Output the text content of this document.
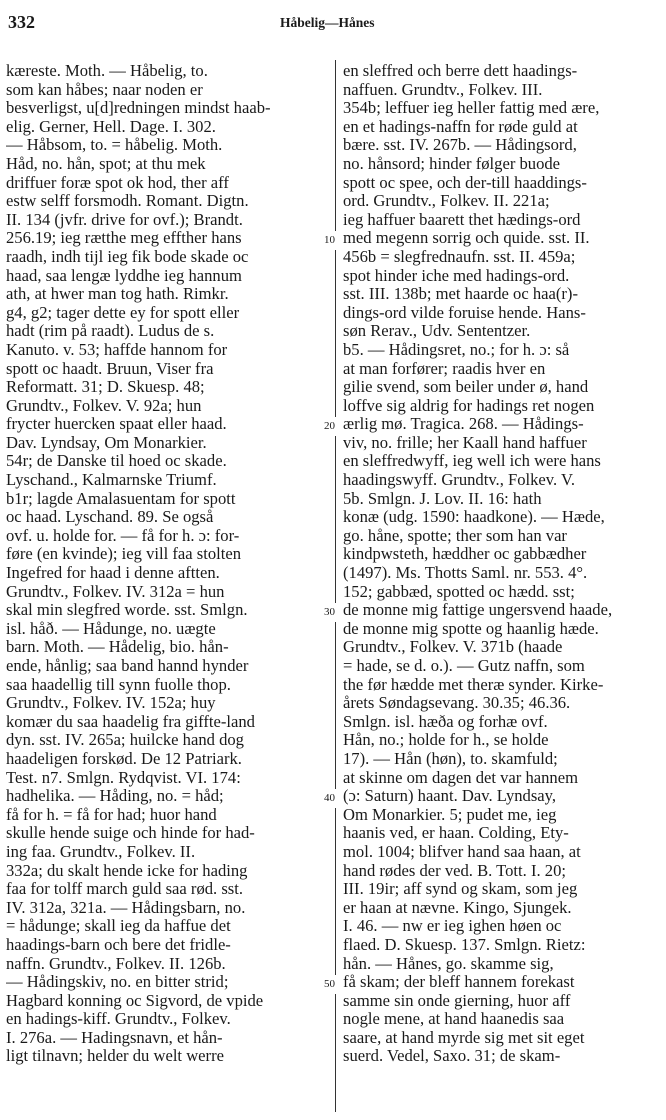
332	Håbelig—Hånes
kæreste. Moth. — Håbelig, to.
som kan håbes; naar noden er
besverligst, u[d]redningen mindst haab-
elig. Gerner, Hell. Dage. I. 302.
— Håbsom, to. = håbelig. Moth.
Håd, no. hån, spot; at thu mek
driffuer foræ spot ok hod, ther aff
estw selff forsmodh. Romant. Digtn.
II. 134 (jvfr. drive for ovf.); Brandt.
256.19; ieg rætthe meg effther hans
raadh, indh tijl ieg fik bode skade oc
haad, saa lengæ lyddhe ieg hannum
ath, at hwer man tog hath. Rimkr.
g4, g2; tager dette ey for spott eller
hadt (rim på raadt). Ludus de s.
Kanuto. v. 53; haffde hannom for
spott oc haadt. Bruun, Viser fra
Reformatt. 31; D. Skuesp. 48;
Grundtv., Folkev. V. 92a; hun
frycter huercken spaat eller haad.
Dav. Lyndsay, Om Monarkier.
54r; de Danske til hoed oc skade.
Lyschand., Kalmarnske Triumf.
b1r; lagde Amalasuentam for spott
oc haad. Lyschand. 89. Se også
ovf. u. holde for. — få for h. ɔ: for-
føre (en kvinde); ieg vill faa stolten
Ingefred for haad i denne aftten.
Grundtv., Folkev. IV. 312a = hun
skal min slegfred worde. sst. Smlgn.
isl. håð. — Hådunge, no. uægte
barn. Moth. — Hådelig, bio. hån-
ende, hånlig; saa band hannd hynder
saa haadellig till synn fuolle thop.
Grundtv., Folkev. IV. 152a; huy
komær du saa haadelig fra giffte-land
dyn. sst. IV. 265a; huilcke hand dog
haadeligen forskød. De 12 Patriark.
Test. n7. Smlgn. Rydqvist. VI. 174:
hadhelika. — Håding, no. = håd;
få for h. = få for had; huor hand
skulle hende suige och hinde for had-
ing faa. Grundtv., Folkev. II.
332a; du skalt hende icke for hading
faa for tolff march guld saa rød. sst.
IV. 312a, 321a. — Hådingsbarn, no.
= hådunge; skall ieg da haffue det
haadings-barn och bere det fridle-
naffn. Grundtv., Folkev. II. 126b.
— Hådingskiv, no. en bitter strid;
Hagbard konning oc Sigvord, de vpide
en hadings-kiff. Grundtv., Folkev.
I. 276a. — Hadingsnavn, et hån-
ligt tilnavn; helder du welt werre
en sleffred och berre dett haadings-
naffuen. Grundtv., Folkev. III.
354b; leffuer ieg heller fattig med ære,
en et hadings-naffn for røde guld at
bære. sst. IV. 267b. — Hådingsord,
no. hånsord; hinder følger buode
spott oc spee, och der-till haaddings-
ord. Grundtv., Folkev. II. 221a;
ieg haffuer baarett thet hædings-ord
med megenn sorrig och quide. sst. II.
456b = slegfrednaufn. sst. II. 459a;
spot hinder iche med hadings-ord.
sst. III. 138b; met haarde oc haa(r)-
dings-ord vilde foruise hende. Hans-
søn Rerav., Udv. Sententzer.
b5. — Hådingsret, no.; for h. ɔ: så
at man forfører; raadis hver en
gilie svend, som beiler under ø, hand
loffve sig aldrig for hadings ret nogen
ærlig mø. Tragica. 268. — Hådings-
viv, no. frille; her Kaall hand haffuer
en sleffredwyff, ieg well ich were hans
haadingswyff. Grundtv., Folkev. V.
5b. Smlgn. J. Lov. II. 16: hath
konæ (udg. 1590: haadkone). — Hæde,
go. håne, spotte; ther som han var
kindpwsteth, hæddher oc gabbædher
(1497). Ms. Thotts Saml. nr. 553. 4°.
152; gabbæd, spotted oc hædd. sst;
de monne mig fattige ungersvend haade,
de monne mig spotte og haanlig hæde.
Grundtv., Folkev. V. 371b (haade
= hade, se d. o.). — Gutz naffn, som
the før hædde met theræ synder. Kirke-
årets Søndagsevang. 30.35; 46.36.
Smlgn. isl. hæða og forhæ ovf.
Hån, no.; holde for h., se holde
17). — Hån (høn), to. skamfuld;
at skinne om dagen det var hannem
(ɔ: Saturn) haant. Dav. Lyndsay,
Om Monarkier. 5; pudet me, ieg
haanis ved, er haan. Colding, Ety-
mol. 1004; blifver hand saa haan, at
hand rødes der ved. B. Tott. I. 20;
III. 19ir; aff synd og skam, som jeg
er haan at nævne. Kingo, Sjungek.
I. 46. — nw er ieg ighen høen oc
flaed. D. Skuesp. 137. Smlgn. Rietz:
hån. — Hånes, go. skamme sig,
få skam; der bleff hannem forekast
samme sin onde gierning, huor aff
nogle mene, at hand haanedis saa
saare, at hand myrde sig met sit eget
suerd. Vedel, Saxo. 31; de skam-
10
20
30
40
50
